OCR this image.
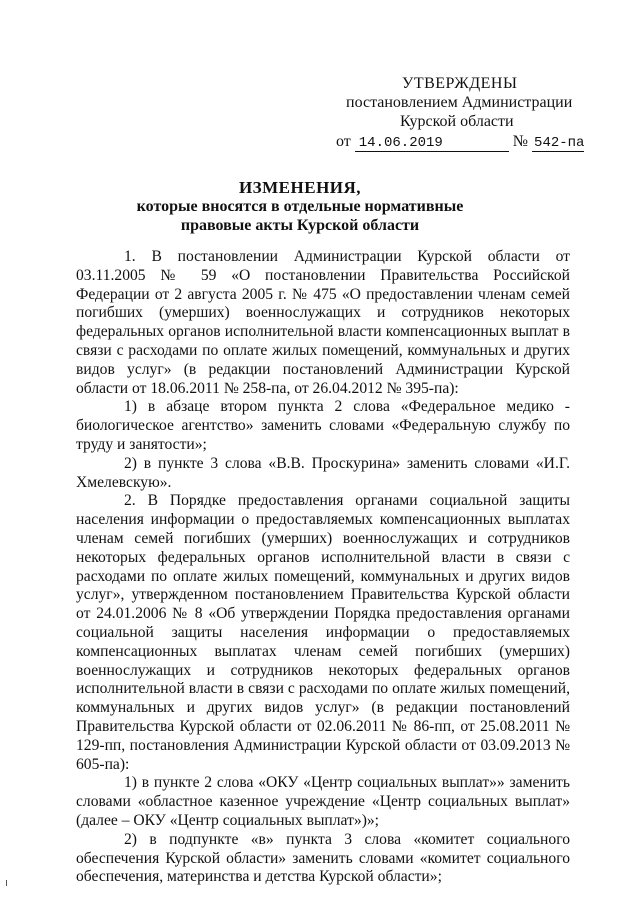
УТВЕРЖДЕНЫ
постановлением Администрации
Курской области
от 14.06.2019	№ 542-па
ИЗМЕНЕНИЯ,
которые вносятся в отдельные нормативные
правовые акты Курской области

1. В постановлении Администрации Курской области от 03.11.2005 № 59 «О постановлении Правительства Российской Федерации от 2 августа 2005 г. № 475 «О предоставлении членам семей погибших (умерших) военнослужащих и сотрудников некоторых федеральных органов исполнительной власти компенсационных выплат в связи с расходами по оплате жилых помещений, коммунальных и других видов услуг» (в редакции постановлений Администрации Курской области от 18.06.2011 № 258-па, от 26.04.2012 № 395-па):

1) в абзаце втором пункта 2 слова «Федеральное медико - биологическое агентство» заменить словами «Федеральную службу по труду и занятости»;

2) в пункте 3 слова «В.В. Проскурина» заменить словами «И.Г. Хмелевскую».

2. В Порядке предоставления органами социальной защиты населения информации о предоставляемых компенсационных выплатах членам семей погибших (умерших) военнослужащих и сотрудников некоторых федеральных органов исполнительной власти в связи с расходами по оплате жилых помещений, коммунальных и других видов услуг», утвержденном постановлением Правительства Курской области от 24.01.2006 № 8 «Об утверждении Порядка предоставления органами социальной защиты населения информации о предоставляемых компенсационных выплатах членам семей погибших (умерших) военнослужащих и сотрудников некоторых федеральных органов исполнительной власти в связи с расходами по оплате жилых помещений, коммунальных и других видов услуг» (в редакции постановлений Правительства Курской области от 02.06.2011 № 86-пп, от 25.08.2011 № 129-пп, постановления Администрации Курской области от 03.09.2013 № 605-па):

1) в пункте 2 слова «ОКУ «Центр социальных выплат»» заменить словами «областное казенное учреждение «Центр социальных выплат» (далее – ОКУ «Центр социальных выплат»)»;

2) в подпункте «в» пункта 3 слова «комитет социального обеспечения Курской области» заменить словами «комитет социального обеспечения, материнства и детства Курской области»;
